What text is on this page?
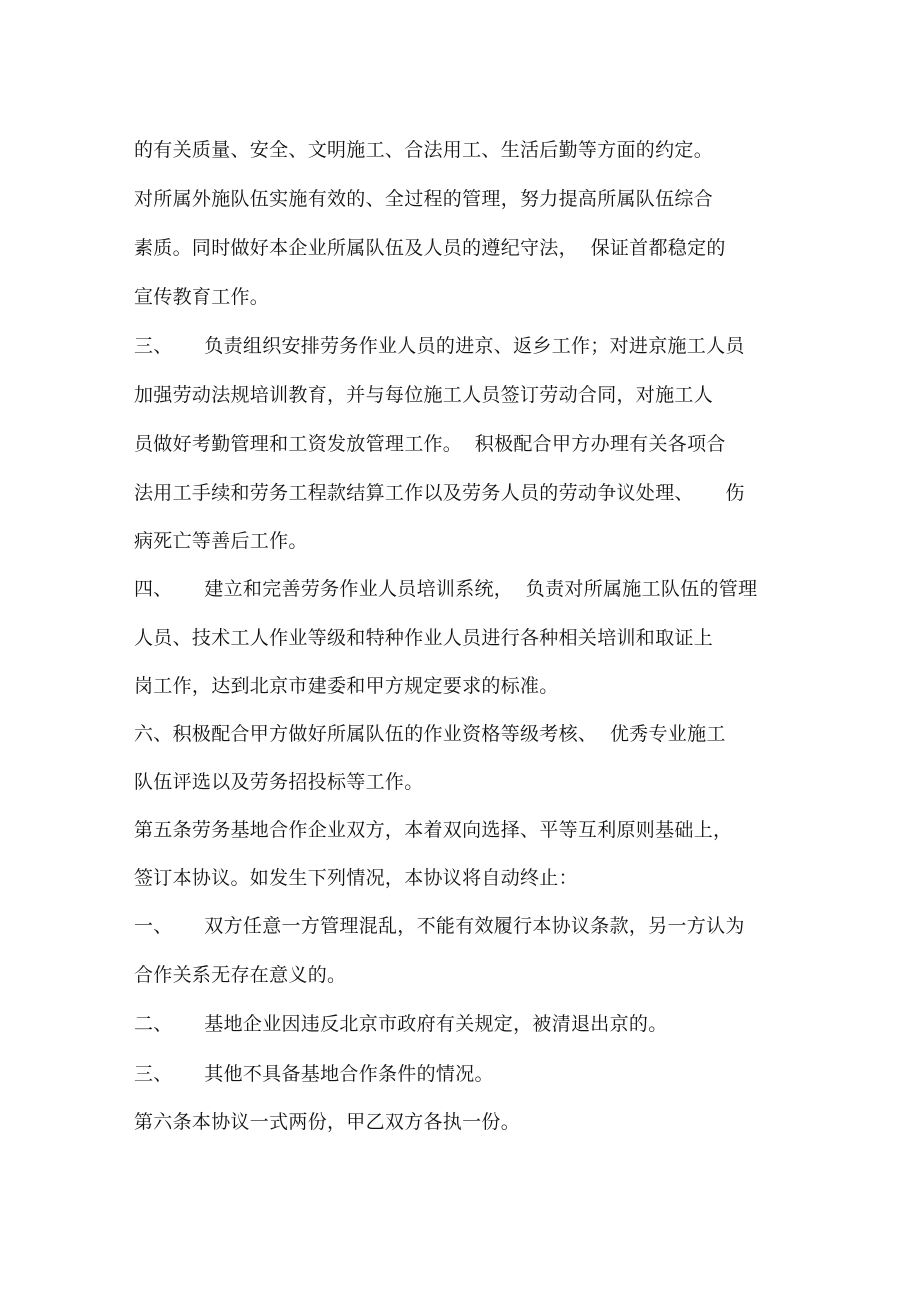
的有关质量、安全、文明施工、合法用工、生活后勤等方面的约定。
对所属外施队伍实施有效的、全过程的管理，努力提高所属队伍综合
素质。同时做好本企业所属队伍及人员的遵纪守法，  保证首都稳定的
宣传教育工作。
三、     负责组织安排劳务作业人员的进京、返乡工作；对进京施工人员
加强劳动法规培训教育，并与每位施工人员签订劳动合同，对施工人
员做好考勤管理和工资发放管理工作。  积极配合甲方办理有关各项合
法用工手续和劳务工程款结算工作以及劳务人员的劳动争议处理、     伤
病死亡等善后工作。
四、     建立和完善劳务作业人员培训系统，  负责对所属施工队伍的管理
人员、技术工人作业等级和特种作业人员进行各种相关培训和取证上
岗工作，达到北京市建委和甲方规定要求的标准。
六、积极配合甲方做好所属队伍的作业资格等级考核、  优秀专业施工
队伍评选以及劳务招投标等工作。
第五条劳务基地合作企业双方，本着双向选择、平等互利原则基础上，
签订本协议。如发生下列情况，本协议将自动终止：
一、     双方任意一方管理混乱，不能有效履行本协议条款，另一方认为
合作关系无存在意义的。
二、     基地企业因违反北京市政府有关规定，被清退出京的。
三、     其他不具备基地合作条件的情况。
第六条本协议一式两份，甲乙双方各执一份。
